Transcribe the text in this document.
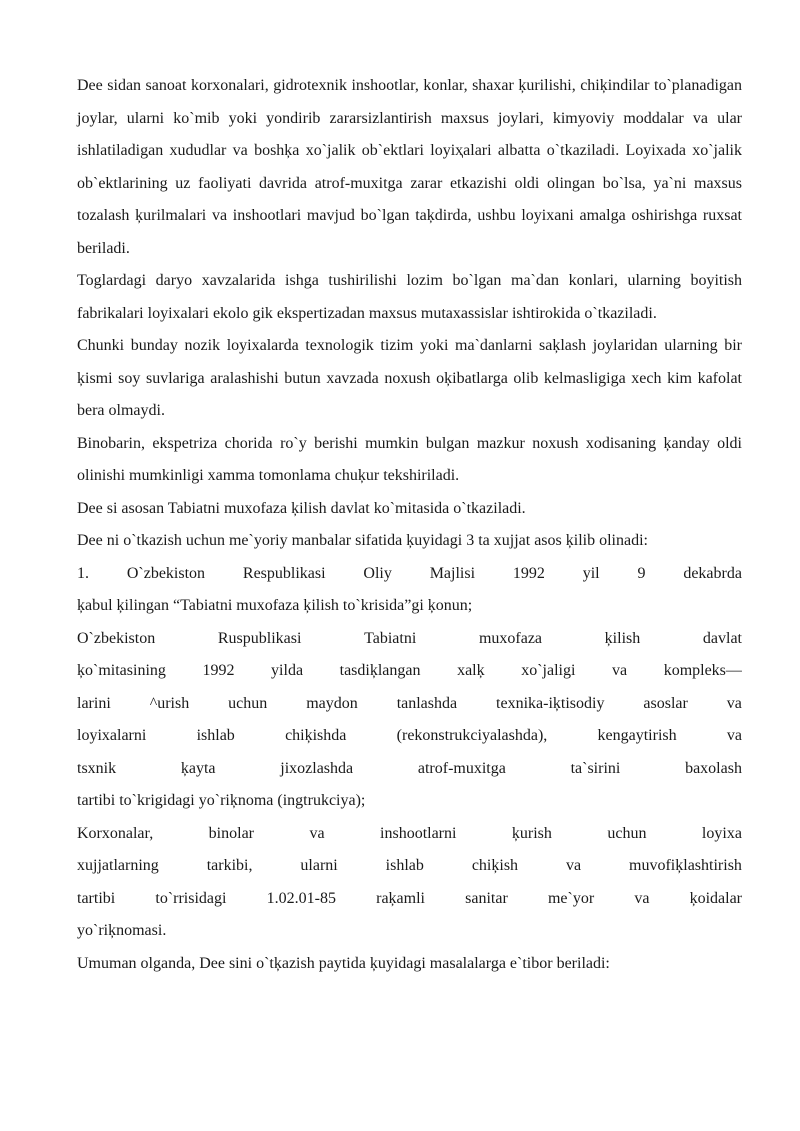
Dee sidan sanoat korxonalari, gidrotexnik inshootlar, konlar, shaxar ķurilishi, chiķindilar to`planadigan joylar, ularni ko`mib yoki yondirib zararsizlantirish maxsus joylari, kimyoviy moddalar va ular ishlatiladigan xududlar va boshķa xo`jalik ob`ektlari loyiҳalari albatta o`tkaziladi. Loyixada xo`jalik ob`ektlarining uz faoliyati davrida atrof-muxitga zarar etkazishi oldi olingan bo`lsa, ya`ni maxsus tozalash ķurilmalari va inshootlari mavjud bo`lgan taķdirda, ushbu loyixani amalga oshirishga ruxsat beriladi.

Toglardagi daryo xavzalarida ishga tushirilishi lozim bo`lgan ma`dan konlari, ularning boyitish fabrikalari loyixalari ekolo gik ekspertizadan maxsus mutaxassislar ishtirokida o`tkaziladi.

Chunki bunday nozik loyixalarda texnologik tizim yoki ma`danlarni saķlash joylaridan ularning bir ķismi soy suvlariga aralashishi butun xavzada noxush oķibatlarga olib kelmasligiga xech kim kafolat bera olmaydi.

Binobarin, ekspetriza chorida ro`y berishi mumkin bulgan mazkur noxush xodisaning ķanday oldi olinishi mumkinligi xamma tomonlama chuķur tekshiriladi.

Dee si asosan Tabiatni muxofaza ķilish davlat ko`mitasida o`tkaziladi.

Dee ni o`tkazish uchun me`yoriy manbalar sifatida ķuyidagi 3 ta xujjat asos ķilib olinadi:

1. O`zbekiston Respublikasi Oliy Majlisi 1992 yil 9 dekabrda
ķabul ķilingan “Tabiatni muxofaza ķilish to`krisida”gi ķonun;
O`zbekiston	Ruspublikasi	Tabiatni	muxofaza	ķilish	davlat
ķo`mitasining 1992 yilda tasdiķlangan xalķ xo`jaligi va kompleks—
larini ^urish uchun maydon tanlashda texnika-iķtisodiy asoslar va
loyixalarni	ishlab	chiķishda	(rekonstrukciyalashda),	kengaytirish	va
tsxnik	ķayta	jixozlashda	atrof-muxitga	ta`sirini	baxolash
tartibi to`krigidagi yo`riķnoma (ingtrukciya);
Korxonalar,	binolar	va	inshootlarni	ķurish	uchun	loyixa
xujjatlarning	tarkibi,	ularni	ishlab	chiķish	va	muvofiķlashtirish
tartibi	to`rrisidagi	1.02.01-85	raķamli	sanitar	me`yor	va	ķoidalar
yo`riķnomasi.
Umuman olganda, Dee sini o`tķazish paytida ķuyidagi masalalarga e`tibor beriladi:
